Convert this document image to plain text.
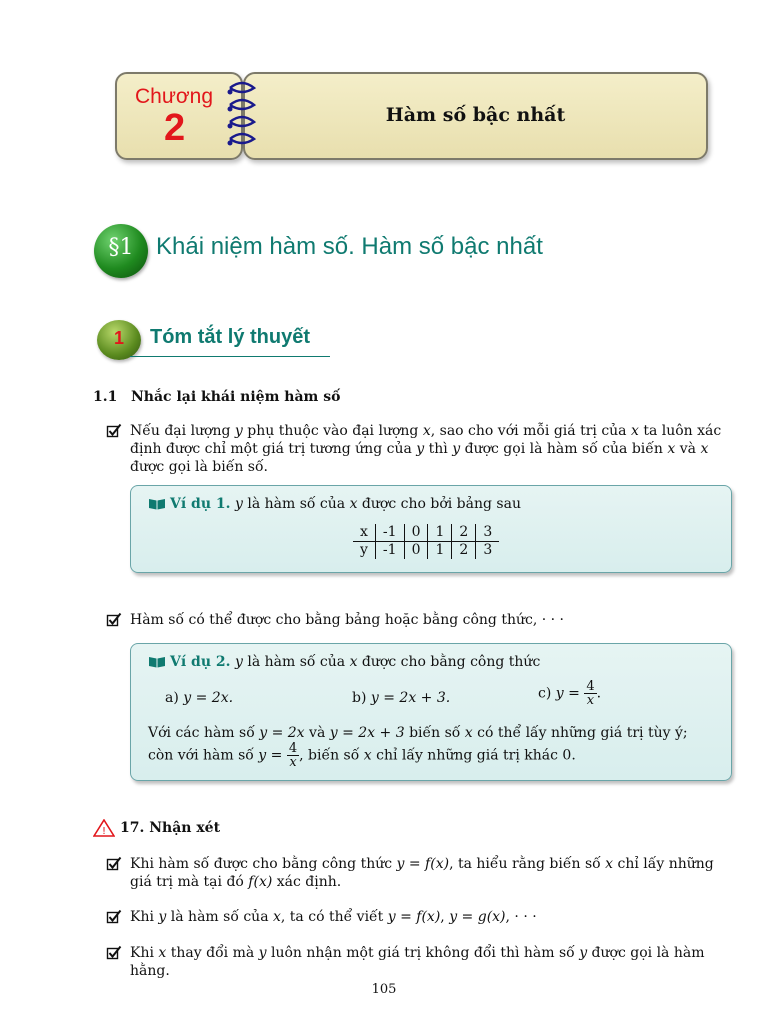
Chương
2	Hàm số bậc nhất
§1 Khái niệm hàm số. Hàm số bậc nhất
1	Tóm tắt lý thuyết
1.1 Nhắc lại khái niệm hàm số
Nếu đại lượng y phụ thuộc vào đại lượng x, sao cho với mỗi giá trị của x ta luôn xác định được chỉ một giá trị tương ứng của y thì y được gọi là hàm số của biến x và x được gọi là biến số.
Ví dụ 1. y là hàm số của x được cho bởi bảng sau
x	-1	0	1	2	3
y	-1	0	1	2	3
Hàm số có thể được cho bằng bảng hoặc bằng công thức, · · ·
Ví dụ 2. y là hàm số của x được cho bằng công thức
a) y = 2x.	b) y = 2x + 3.	c) $y = \frac{4}{x}$ .
Với các hàm số y = 2x và y = 2x + 3 biến số x có thể lấy những giá trị tùy ý; còn với hàm số $y = \frac{4}{x}$ , biến số x chỉ lấy những giá trị khác 0.
! 17. Nhận xét
Khi hàm số được cho bằng công thức y = f(x), ta hiểu rằng biến số x chỉ lấy những giá trị mà tại đó f(x) xác định.
Khi y là hàm số của x, ta có thể viết y = f(x), y = g(x), · · ·
Khi x thay đổi mà y luôn nhận một giá trị không đổi thì hàm số y được gọi là hàm hằng.
105
